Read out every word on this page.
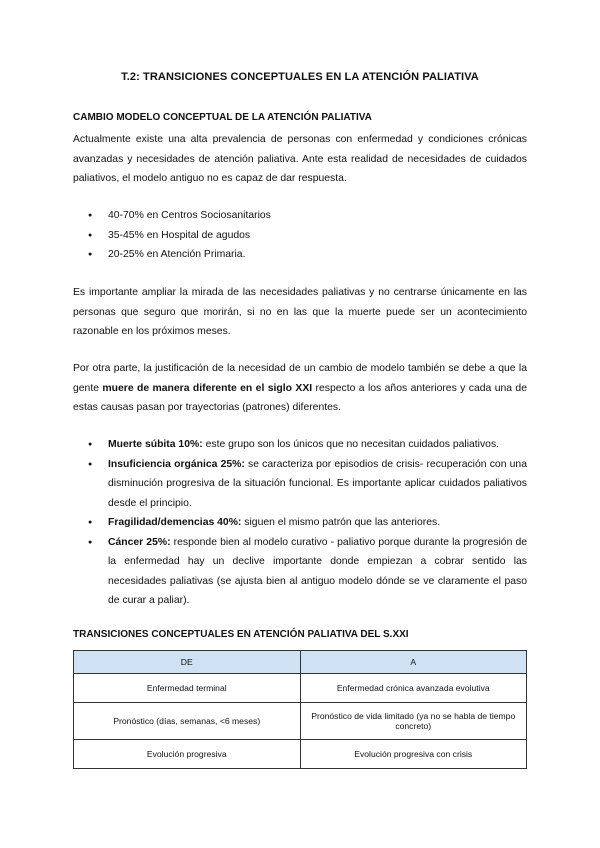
T.2: TRANSICIONES CONCEPTUALES EN LA ATENCIÓN PALIATIVA
CAMBIO MODELO CONCEPTUAL DE LA ATENCIÓN PALIATIVA

Actualmente existe una alta prevalencia de personas con enfermedad y condiciones crónicas avanzadas y necesidades de atención paliativa. Ante esta realidad de necesidades de cuidados paliativos, el modelo antiguo no es capaz de dar respuesta.

● 40-70% en Centros Sociosanitarios
● 35-45% en Hospital de agudos
● 20-25% en Atención Primaria.

Es importante ampliar la mirada de las necesidades paliativas y no centrarse únicamente en las personas que seguro que morirán, si no en las que la muerte puede ser un acontecimiento razonable en los próximos meses.

Por otra parte, la justificación de la necesidad de un cambio de modelo también se debe a que la gente muere de manera diferente en el siglo XXI respecto a los años anteriores y cada una de estas causas pasan por trayectorias (patrones) diferentes.

● Muerte súbita 10%: este grupo son los únicos que no necesitan cuidados paliativos.
● Insuficiencia orgánica 25%: se caracteriza por episodios de crisis- recuperación con una disminución progresiva de la situación funcional. Es importante aplicar cuidados paliativos desde el principio.
● Fragilidad/demencias 40%: siguen el mismo patrón que las anteriores.
● Cáncer 25%: responde bien al modelo curativo - paliativo porque durante la progresión de la enfermedad hay un declive importante donde empiezan a cobrar sentido las necesidades paliativas (se ajusta bien al antiguo modelo dónde se ve claramente el paso de curar a paliar).
TRANSICIONES CONCEPTUALES EN ATENCIÓN PALIATIVA DEL S.XXI
DE	A
Enfermedad terminal	Enfermedad crónica avanzada evolutiva
Pronóstico (días, semanas, <6 meses)	Pronóstico de vida limitado (ya no se habla de tiempo concreto)
Evolución progresiva	Evolución progresiva con crisis
